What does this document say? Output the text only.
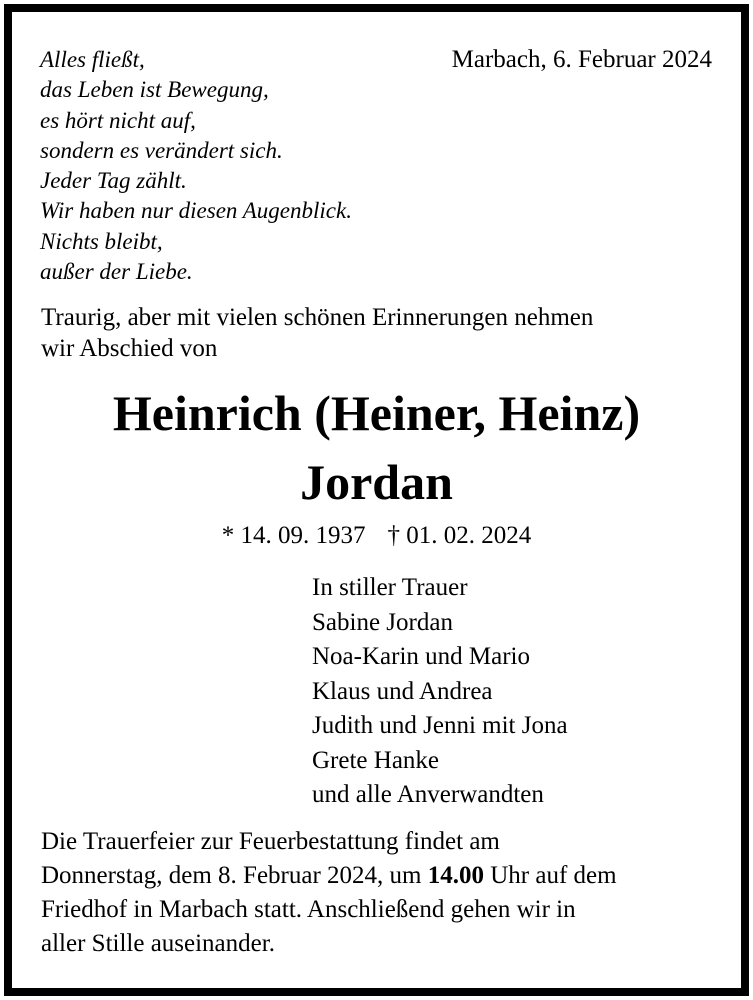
Alles fließt,
das Leben ist Bewegung,
es hört nicht auf,
sondern es verändert sich.
Jeder Tag zählt.
Wir haben nur diesen Augenblick.
Nichts bleibt,
außer der Liebe.
Marbach, 6. Februar 2024
Traurig, aber mit vielen schönen Erinnerungen nehmen
wir Abschied von
Heinrich (Heiner, Heinz)
Jordan
* 14. 09. 1937 † 01. 02. 2024
In stiller Trauer
Sabine Jordan
Noa-Karin und Mario
Klaus und Andrea
Judith und Jenni mit Jona
Grete Hanke
und alle Anverwandten
Die Trauerfeier zur Feuerbestattung findet am
Donnerstag, dem 8. Februar 2024, um 14.00 Uhr auf dem
Friedhof in Marbach statt. Anschließend gehen wir in
aller Stille auseinander.
